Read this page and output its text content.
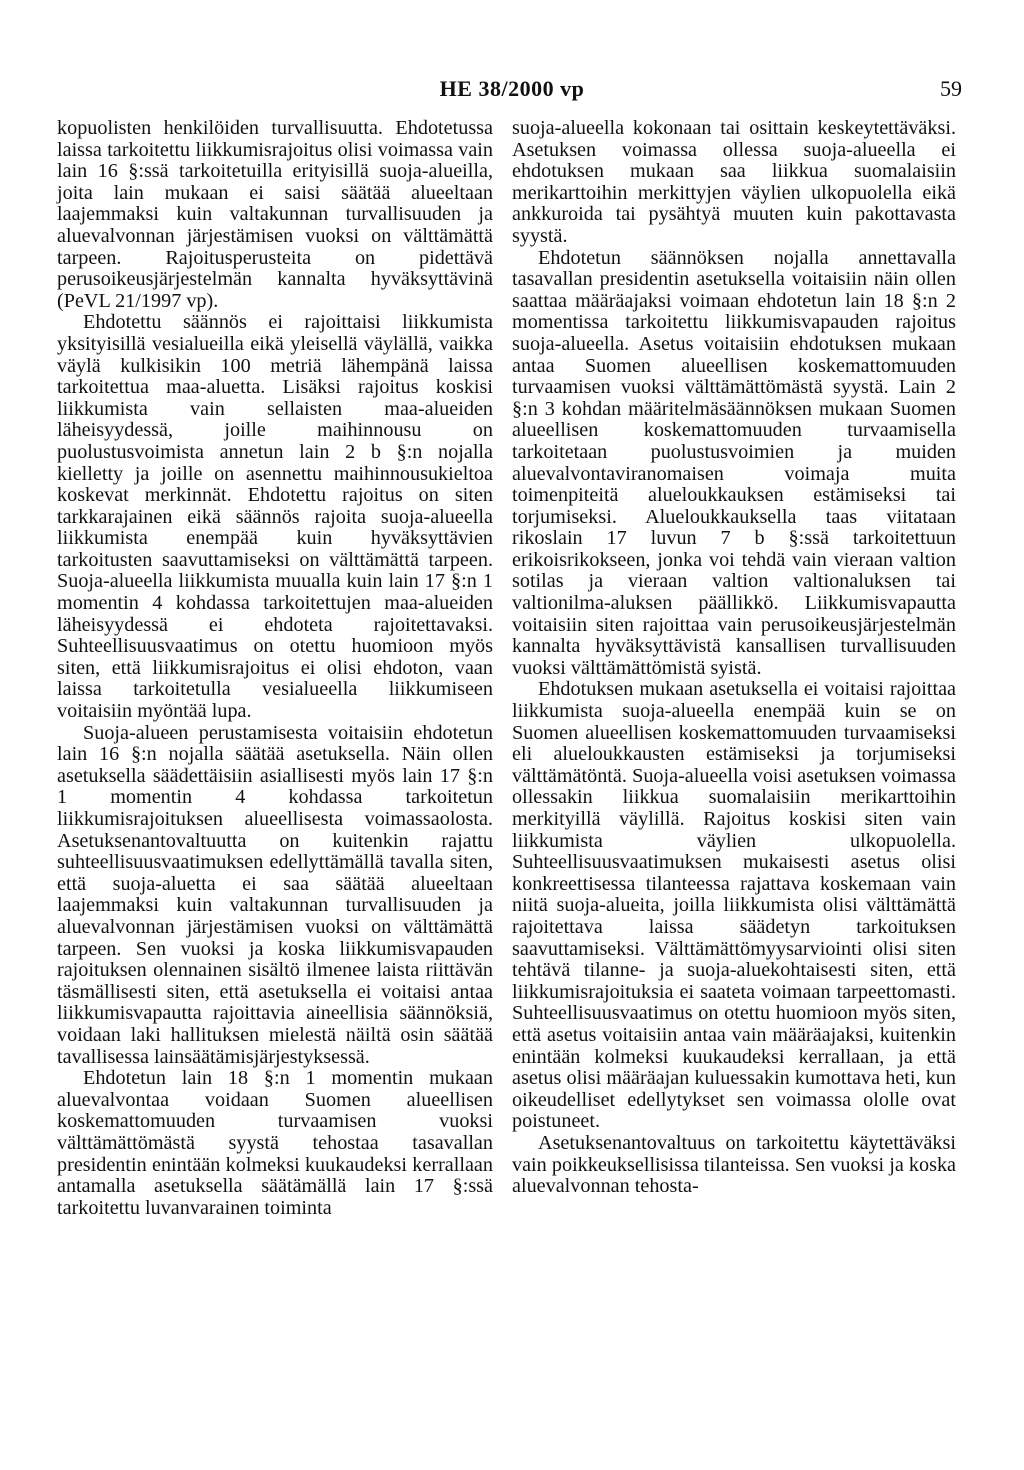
HE 38/2000 vp	59

kopuolisten henkilöiden turvallisuutta. Ehdotetussa laissa tarkoitettu liikkumisrajoitus olisi voimassa vain lain 16 §:ssä tarkoitetuilla erityisillä suoja-alueilla, joita lain mukaan ei saisi säätää alueeltaan laajemmaksi kuin valtakunnan turvallisuuden ja aluevalvonnan järjestämisen vuoksi on välttämättä tarpeen. Rajoitusperusteita on pidettävä perusoikeusjärjestelmän kannalta hyväksyttävinä (PeVL 21/1997 vp).

Ehdotettu säännös ei rajoittaisi liikkumista yksityisillä vesialueilla eikä yleisellä väylällä, vaikka väylä kulkisikin 100 metriä lähempänä laissa tarkoitettua maa-aluetta. Lisäksi rajoitus koskisi liikkumista vain sellaisten maa-alueiden läheisyydessä, joille maihinnousu on puolustusvoimista annetun lain 2 b §:n nojalla kielletty ja joille on asennettu maihinnousukieltoa koskevat merkinnät. Ehdotettu rajoitus on siten tarkkarajainen eikä säännös rajoita suoja-alueella liikkumista enempää kuin hyväksyttävien tarkoitusten saavuttamiseksi on välttämättä tarpeen. Suoja-alueella liikkumista muualla kuin lain 17 §:n 1 momentin 4 kohdassa tarkoitettujen maa-alueiden läheisyydessä ei ehdoteta rajoitettavaksi. Suhteellisuusvaatimus on otettu huomioon myös siten, että liikkumisrajoitus ei olisi ehdoton, vaan laissa tarkoitetulla vesialueella liikkumiseen voitaisiin myöntää lupa.

Suoja-alueen perustamisesta voitaisiin ehdotetun lain 16 §:n nojalla säätää asetuksella. Näin ollen asetuksella säädettäisiin asiallisesti myös lain 17 §:n 1 momentin 4 kohdassa tarkoitetun liikkumisrajoituksen alueellisesta voimassaolosta. Asetuksenantovaltuutta on kuitenkin rajattu suhteellisuusvaatimuksen edellyttämällä tavalla siten, että suoja-aluetta ei saa säätää alueeltaan laajemmaksi kuin valtakunnan turvallisuuden ja aluevalvonnan järjestämisen vuoksi on välttämättä tarpeen. Sen vuoksi ja koska liikkumisvapauden rajoituksen olennainen sisältö ilmenee laista riittävän täsmällisesti siten, että asetuksella ei voitaisi antaa liikkumisvapautta rajoittavia aineellisia säännöksiä, voidaan laki hallituksen mielestä näiltä osin säätää tavallisessa lainsäätämisjärjestyksessä.

Ehdotetun lain 18 §:n 1 momentin mukaan aluevalvontaa voidaan Suomen alueellisen koskemattomuuden turvaamisen vuoksi välttämättömästä syystä tehostaa tasavallan presidentin enintään kolmeksi kuukaudeksi kerrallaan antamalla asetuksella säätämällä lain 17 §:ssä tarkoitettu luvanvarainen toiminta

suoja-alueella kokonaan tai osittain keskeytettäväksi. Asetuksen voimassa ollessa suoja-alueella ei ehdotuksen mukaan saa liikkua suomalaisiin merikarttoihin merkittyjen väylien ulkopuolella eikä ankkuroida tai pysähtyä muuten kuin pakottavasta syystä.

Ehdotetun säännöksen nojalla annettavalla tasavallan presidentin asetuksella voitaisiin näin ollen saattaa määräajaksi voimaan ehdotetun lain 18 §:n 2 momentissa tarkoitettu liikkumisvapauden rajoitus suoja-alueella. Asetus voitaisiin ehdotuksen mukaan antaa Suomen alueellisen koskemattomuuden turvaamisen vuoksi välttämättömästä syystä. Lain 2 §:n 3 kohdan määritelmäsäännöksen mukaan Suomen alueellisen koskemattomuuden turvaamisella tarkoitetaan puolustusvoimien ja muiden aluevalvontaviranomaisen voimaja muita toimenpiteitä alueloukkauksen estämiseksi tai torjumiseksi. Alueloukkauksella taas viitataan rikoslain 17 luvun 7 b §:ssä tarkoitettuun erikoisrikokseen, jonka voi tehdä vain vieraan valtion sotilas ja vieraan valtion valtionaluksen tai valtionilma-aluksen päällikkö. Liikkumisvapautta voitaisiin siten rajoittaa vain perusoikeusjärjestelmän kannalta hyväksyttävistä kansallisen turvallisuuden vuoksi välttämättömistä syistä.

Ehdotuksen mukaan asetuksella ei voitaisi rajoittaa liikkumista suoja-alueella enempää kuin se on Suomen alueellisen koskemattomuuden turvaamiseksi eli alueloukkausten estämiseksi ja torjumiseksi välttämätöntä. Suoja-alueella voisi asetuksen voimassa ollessakin liikkua suomalaisiin merikarttoihin merkityillä väylillä. Rajoitus koskisi siten vain liikkumista väylien ulkopuolella. Suhteellisuusvaatimuksen mukaisesti asetus olisi konkreettisessa tilanteessa rajattava koskemaan vain niitä suoja-alueita, joilla liikkumista olisi välttämättä rajoitettava laissa säädetyn tarkoituksen saavuttamiseksi. Välttämättömyysarviointi olisi siten tehtävä tilanne- ja suoja-aluekohtaisesti siten, että liikkumisrajoituksia ei saateta voimaan tarpeettomasti. Suhteellisuusvaatimus on otettu huomioon myös siten, että asetus voitaisiin antaa vain määräajaksi, kuitenkin enintään kolmeksi kuukaudeksi kerrallaan, ja että asetus olisi määräajan kuluessakin kumottava heti, kun oikeudelliset edellytykset sen voimassa ololle ovat poistuneet.

Asetuksenantovaltuus on tarkoitettu käytettäväksi vain poikkeuksellisissa tilanteissa. Sen vuoksi ja koska aluevalvonnan tehosta-
